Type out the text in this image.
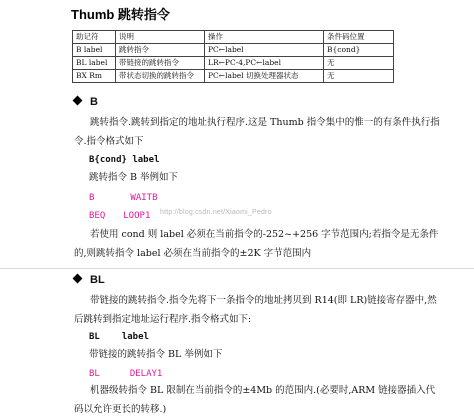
Thumb 跳转指令
助记符	说明	操作	条件码位置
B label	跳转指令	PC←label	B{cond}
BL label	带链接的跳转指令	LR←PC-4,PC←label	无
BX Rm	带状态切换的跳转指令	PC←label 切换处理器状态	无
B
跳转指令.跳转到指定的地址执行程序.这是 Thumb 指令集中的惟一的有条件执行指令.指令格式如下
B{cond} label
跳转指令 B 举例如下
B	WAITB
BEQ LOOP1 http://blog.csdn.net/Xiaomi_Pedro
若使用 cond 则 label 必须在当前指令的-252~+256 字节范围内;若指令是无条件的,则跳转指令 label 必须在当前指令的±2K 字节范围内
BL
带链接的跳转指令.指令先将下一条指令的地址拷贝到 R14(即 LR)链接寄存器中,然后跳转到指定地址运行程序.指令格式如下:
BL label
带链接的跳转指令 BL 举例如下
BL	DELAY1
机器级转指令 BL 限制在当前指令的±4Mb 的范围内.(必要时,ARM 链接器插入代码以允许更长的转移.)
